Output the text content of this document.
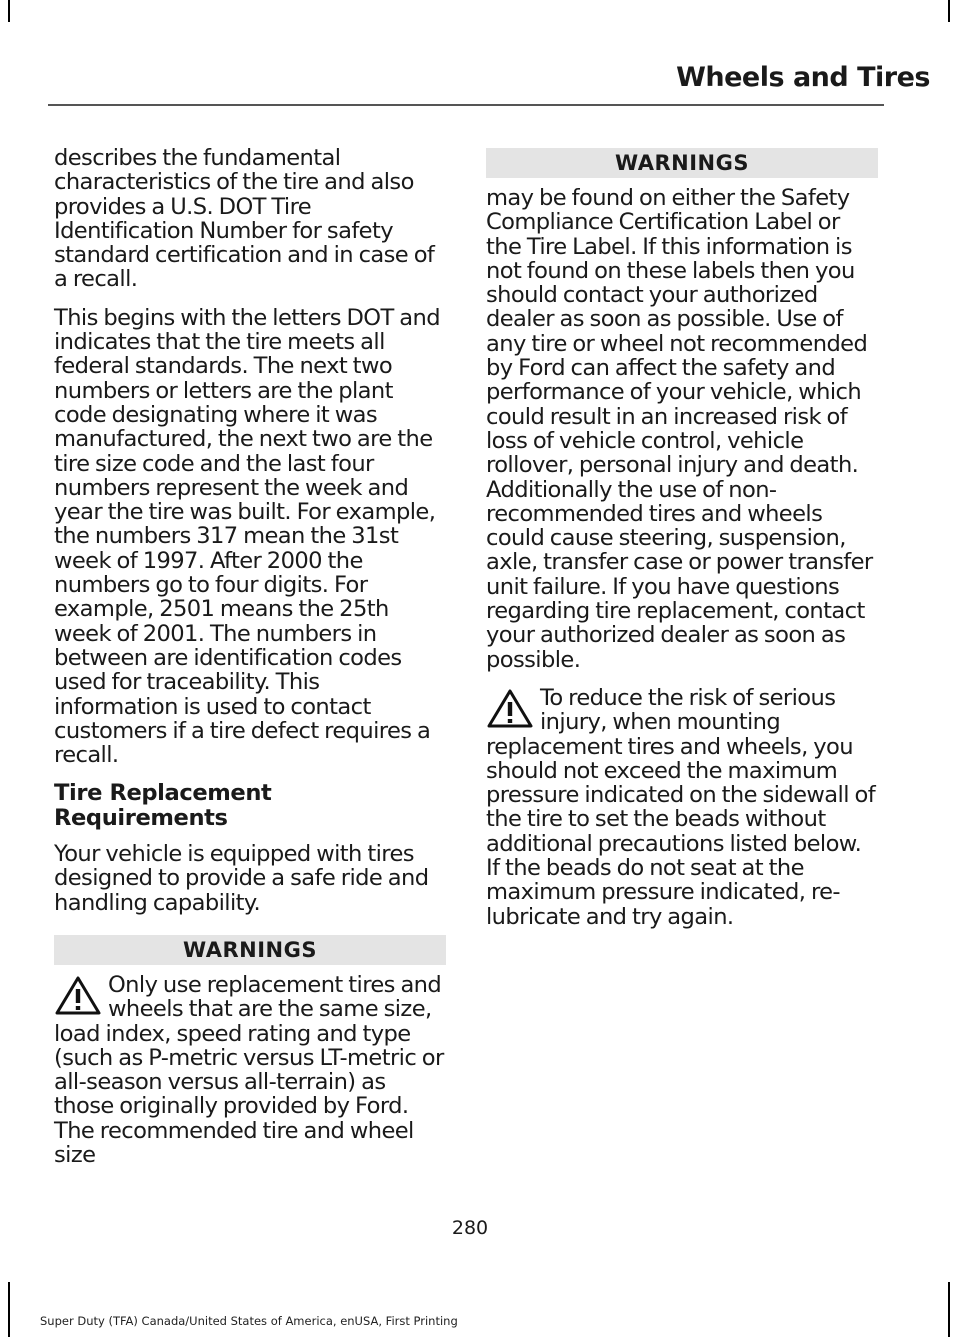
Wheels and Tires

describes the fundamental characteristics of the tire and also provides a U.S. DOT Tire Identification Number for safety standard certification and in case of a recall.

This begins with the letters DOT and indicates that the tire meets all federal standards. The next two numbers or letters are the plant code designating where it was manufactured, the next two are the tire size code and the last four numbers represent the week and year the tire was built. For example, the numbers 317 mean the 31st week of 1997. After 2000 the numbers go to four digits. For example, 2501 means the 25th week of 2001. The numbers in between are identification codes used for traceability. This information is used to contact customers if a tire defect requires a recall.

Tire Replacement Requirements

Your vehicle is equipped with tires designed to provide a safe ride and handling capability.

WARNINGS

Only use replacement tires and wheels that are the same size, load index, speed rating and type (such as P-metric versus LT-metric or all-season versus all-terrain) as those originally provided by Ford. The recommended tire and wheel size

WARNINGS

may be found on either the Safety Compliance Certification Label or the Tire Label. If this information is not found on these labels then you should contact your authorized dealer as soon as possible. Use of any tire or wheel not recommended by Ford can affect the safety and performance of your vehicle, which could result in an increased risk of loss of vehicle control, vehicle rollover, personal injury and death. Additionally the use of non-recommended tires and wheels could cause steering, suspension, axle, transfer case or power transfer unit failure. If you have questions regarding tire replacement, contact your authorized dealer as soon as possible.

To reduce the risk of serious injury, when mounting replacement tires and wheels, you should not exceed the maximum pressure indicated on the sidewall of the tire to set the beads without additional precautions listed below. If the beads do not seat at the maximum pressure indicated, re-lubricate and try again.

280
Super Duty (TFA) Canada/United States of America, enUSA, First Printing
